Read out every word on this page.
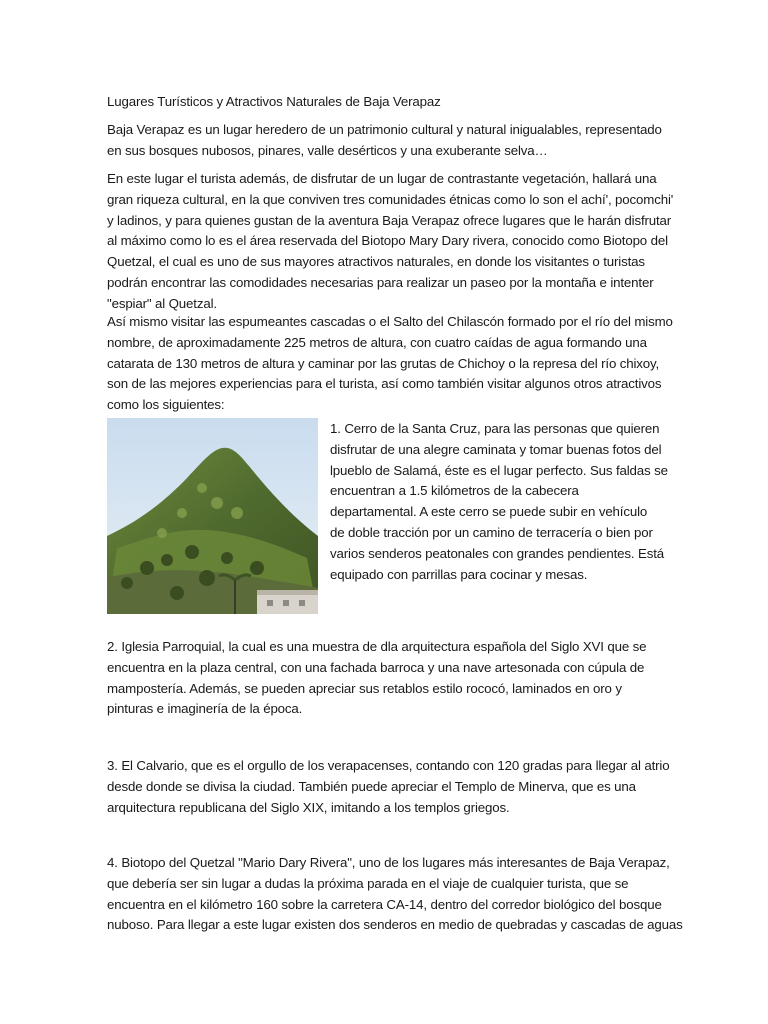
Lugares Turísticos y Atractivos Naturales de Baja Verapaz
Baja Verapaz es un lugar heredero de un patrimonio cultural y natural inigualables, representado
en sus bosques nubosos, pinares, valle desérticos y una exuberante selva…
En este lugar el turista además, de disfrutar de un lugar de contrastante vegetación, hallará una
gran riqueza cultural, en la que conviven tres comunidades étnicas como lo son el achí', pocomchi'
y ladinos, y para quienes gustan de la aventura Baja Verapaz ofrece lugares que le harán disfrutar
al máximo como lo es el área reservada del Biotopo Mary Dary rivera, conocido como Biotopo del
Quetzal, el cual es uno de sus mayores atractivos naturales, en donde los visitantes o turistas
podrán encontrar las comodidades necesarias para realizar un paseo por la montaña e intenter
"espiar" al Quetzal.
Así mismo visitar las espumeantes cascadas o el Salto del Chilascón formado por el río del mismo
nombre, de aproximadamente 225 metros de altura, con cuatro caídas de agua formando una
catarata de 130 metros de altura y caminar por las grutas de Chichoy o la represa del río chixoy,
son de las mejores experiencias para el turista, así como también visitar algunos otros atractivos
como los siguientes:
1. Cerro de la Santa Cruz, para las personas que quieren
disfrutar de una alegre caminata y tomar buenas fotos del
lpueblo de Salamá, éste es el lugar perfecto. Sus faldas se
encuentran a 1.5 kilómetros de la cabecera
departamental. A este cerro se puede subir en vehículo
de doble tracción por un camino de terracería o bien por
varios senderos peatonales con grandes pendientes. Está
equipado con parrillas para cocinar y mesas.
2. Iglesia Parroquial, la cual es una muestra de dla arquitectura española del Siglo XVI que se
encuentra en la plaza central, con una fachada barroca y una nave artesonada con cúpula de
mampostería. Además, se pueden apreciar sus retablos estilo rococó, laminados en oro y
pinturas e imaginería de la época.
3. El Calvario, que es el orgullo de los verapacenses, contando con 120 gradas para llegar al atrio
desde donde se divisa la ciudad. También puede apreciar el Templo de Minerva, que es una
arquitectura republicana del Siglo XIX, imitando a los templos griegos.
4. Biotopo del Quetzal "Mario Dary Rivera", uno de los lugares más interesantes de Baja Verapaz,
que debería ser sin lugar a dudas la próxima parada en el viaje de cualquier turista, que se
encuentra en el kilómetro 160 sobre la carretera CA-14, dentro del corredor biológico del bosque
nuboso. Para llegar a este lugar existen dos senderos en medio de quebradas y cascadas de aguas
